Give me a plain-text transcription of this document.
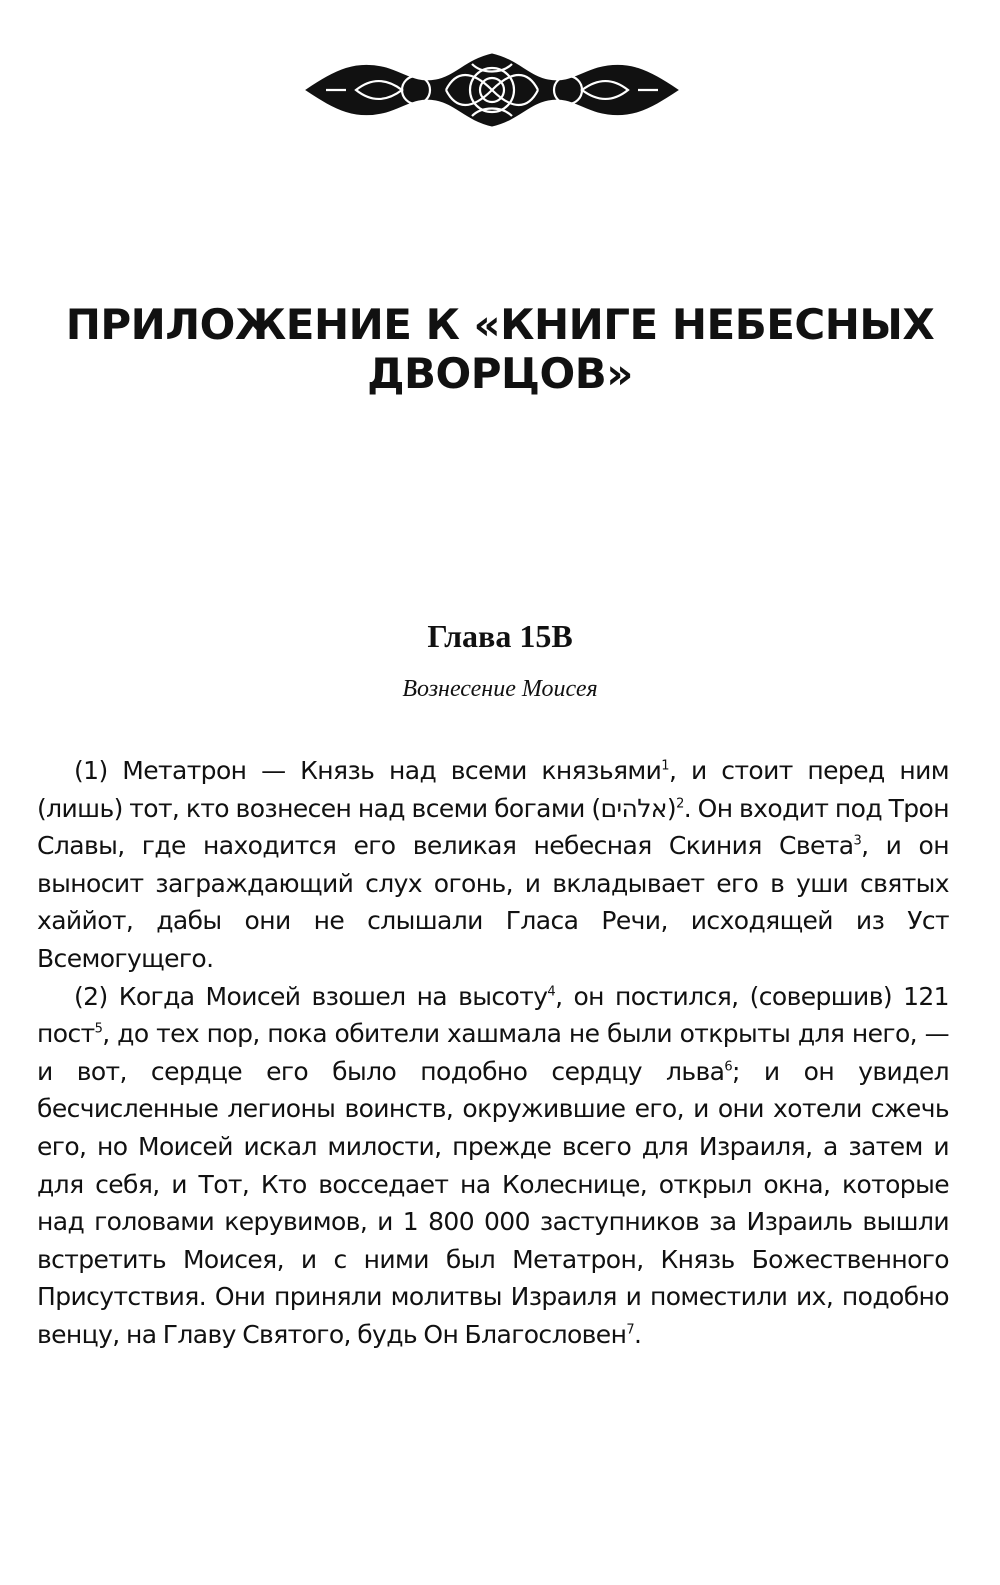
ПРИЛОЖЕНИЕ К «КНИГЕ НЕБЕСНЫХ ДВОРЦОВ»
Глава 15В
Вознесение Моисея

(1) Метатрон — Князь над всеми князьями$^1$, и стоит перед ним (лишь) тот, кто вознесен над всеми богами (אלהים)$^2$. Он входит под Трон Славы, где находится его великая небесная Скиния Света$^3$, и он выносит заграждающий слух огонь, и вкладывает его в уши святых хаййот, дабы они не слышали Гласа Речи, исходящей из Уст Всемогущего.

(2) Когда Моисей взошел на высоту$^4$, он постился, (совершив) 121 пост$^5$, до тех пор, пока обители хашмала не были открыты для него, — и вот, сердце его было подобно сердцу льва$^6$; и он увидел бесчисленные легионы воинств, окружившие его, и они хотели сжечь его, но Моисей искал милости, прежде всего для Израиля, а затем и для себя, и Тот, Кто восседает на Колеснице, открыл окна, которые над головами керувимов, и 1 800 000 заступников за Израиль вышли встретить Моисея, и с ними был Метатрон, Князь Божественного Присутствия. Они приняли молитвы Израиля и поместили их, подобно венцу, на Главу Святого, будь Он Благословен$^7$.
